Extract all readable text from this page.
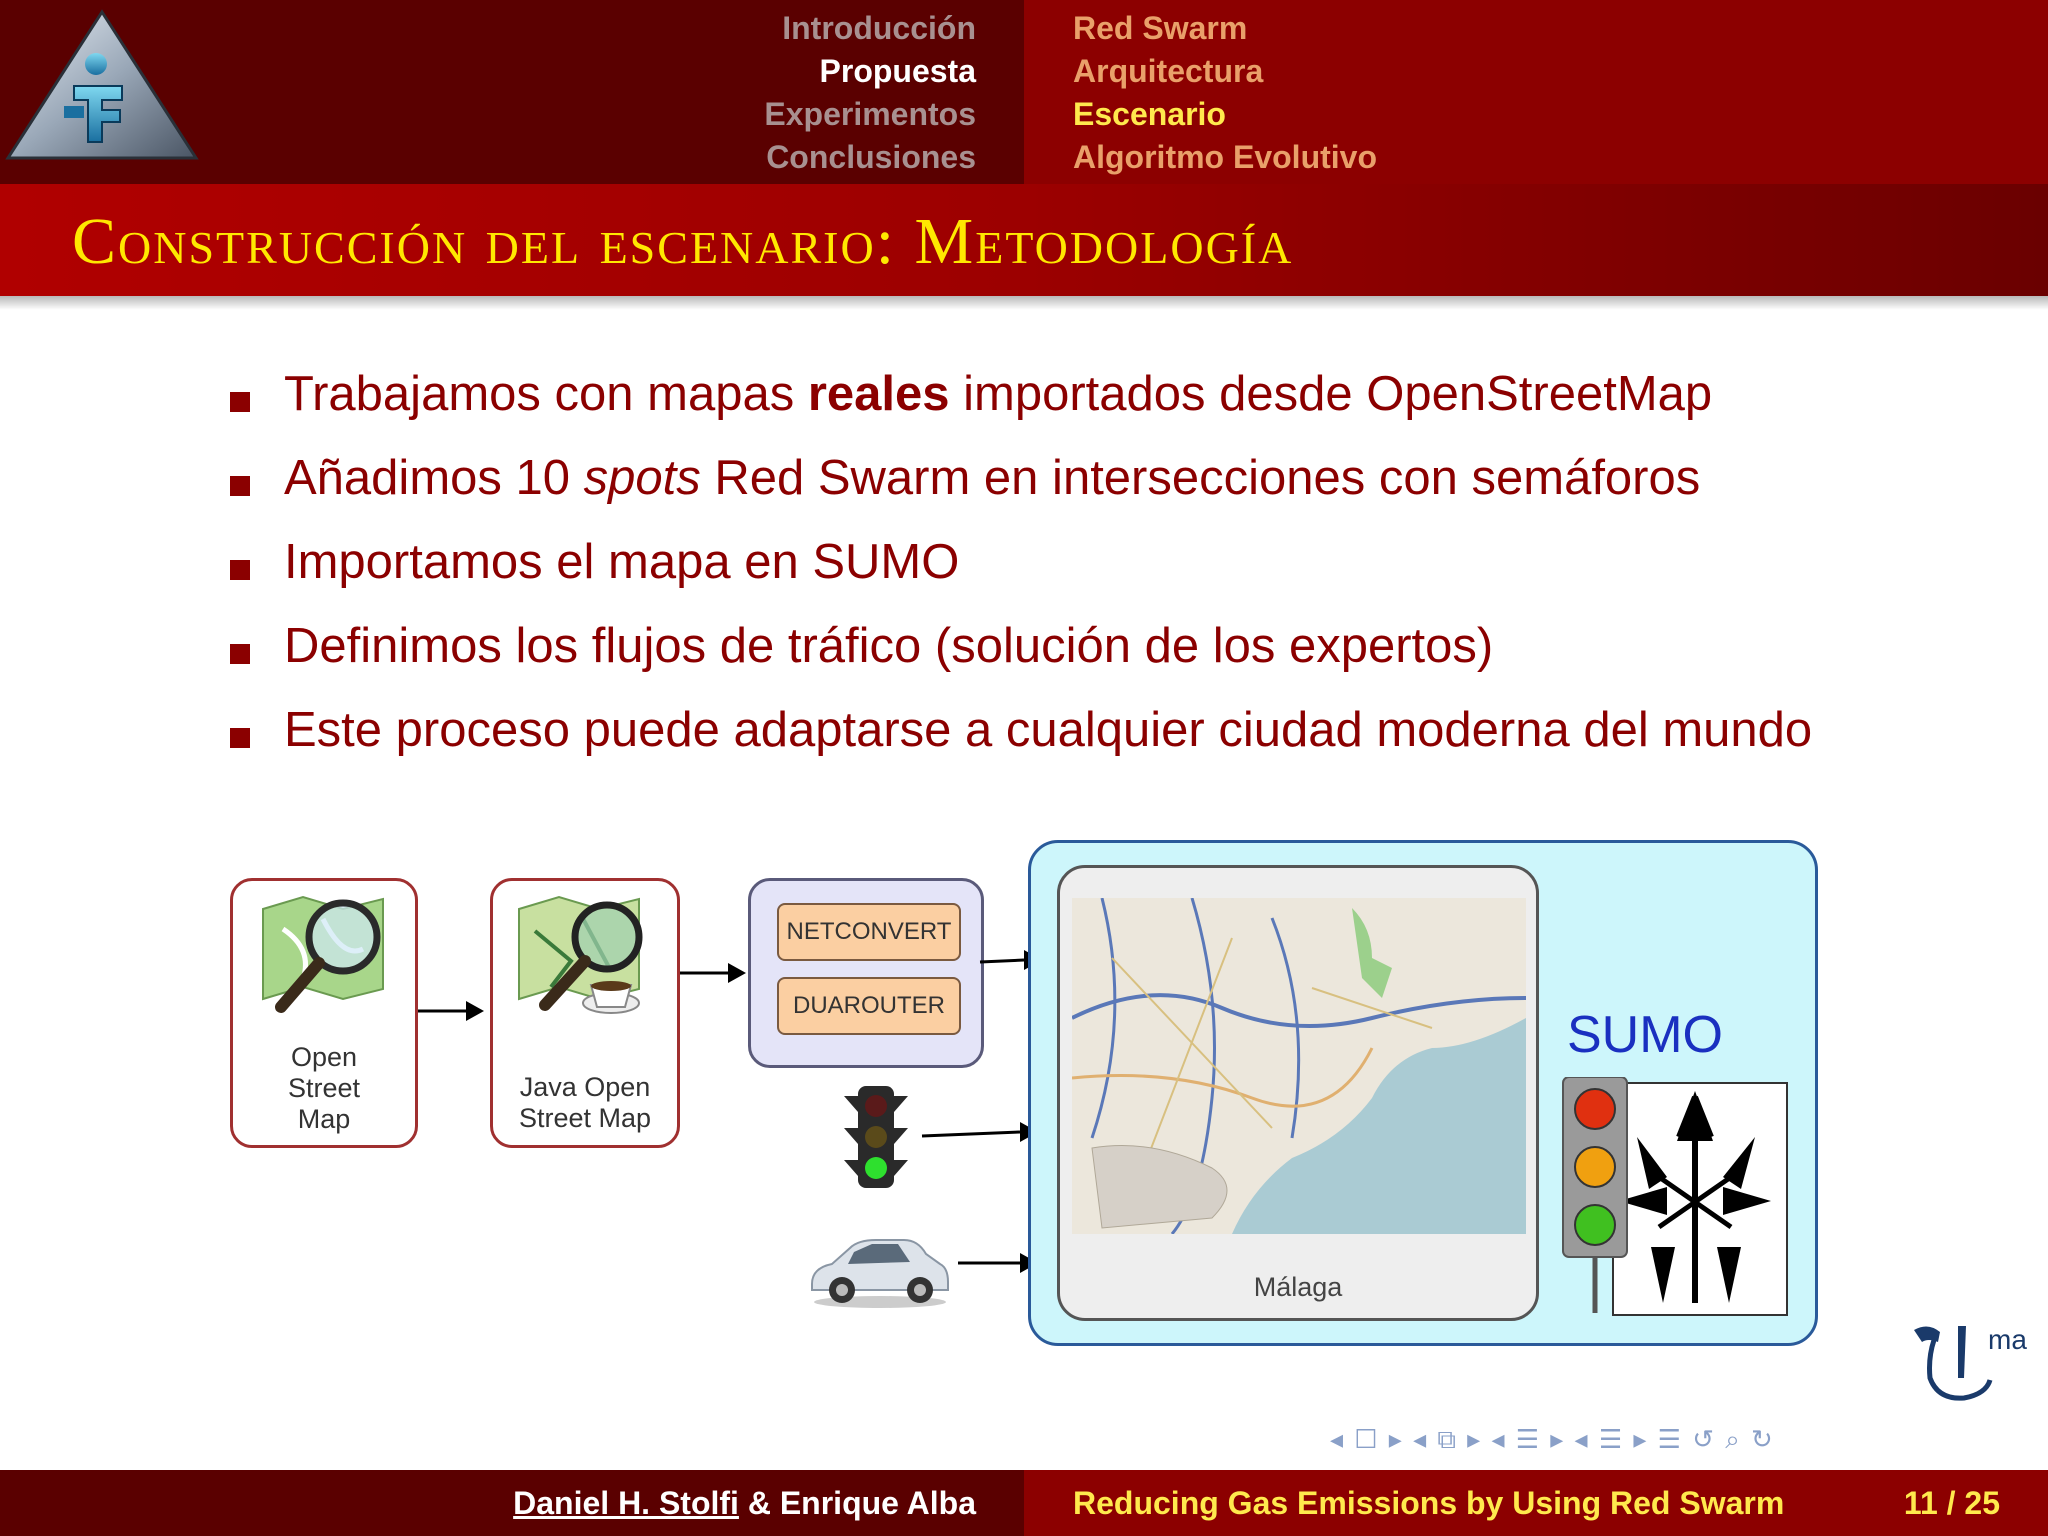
Introducción
Propuesta
Experimentos
Conclusiones
Red Swarm
Arquitectura
Escenario
Algoritmo Evolutivo
Construcción del escenario: Metodología
Trabajamos con mapas reales importados desde OpenStreetMap
Añadimos 10 spots Red Swarm en intersecciones con semáforos
Importamos el mapa en SUMO
Definimos los flujos de tráfico (solución de los expertos)
Este proceso puede adaptarse a cualquier ciudad moderna del mundo
Open
Street
Map
Java Open
Street Map
NETCONVERT
DUAROUTER
Málaga
SUMO
◂ ☐ ▸ ◂ ⧉ ▸ ◂ ☰ ▸ ◂ ☰ ▸ ☰ ↺ ⌕ ↻
ma
Daniel H. Stolfi & Enrique Alba	Reducing Gas Emissions by Using Red Swarm	11 / 25
